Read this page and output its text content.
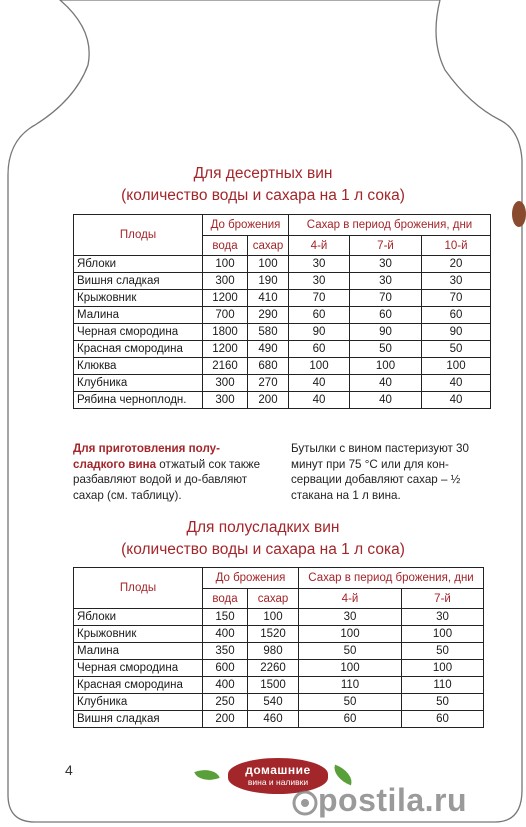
Для десертных вин
(количество воды и сахара на 1 л сока)
Плоды	До брожения		Сахар в период брожения, дни		
	вода	сахар	4-й	7-й	10-й
Яблоки	100	100	30	30	20
Вишня сладкая	300	190	30	30	30
Крыжовник	1200	410	70	70	70
Малина	700	290	60	60	60
Черная смородина	1800	580	90	90	90
Красная смородина	1200	490	60	50	50
Клюква	2160	680	100	100	100
Клубника	300	270	40	40	40
Рябина черноплодн.	300	200	40	40	40
Для приготовления полу-сладкого вина отжатый сок также разбавляют водой и до-бавляют сахар (см. таблицу).
Бутылки с вином пастеризуют 30 минут при 75 °С или для кон-сервации добавляют сахар – ½ стакана на 1 л вина.
Для полусладких вин
(количество воды и сахара на 1 л сока)
Плоды	До брожения		Сахар в период брожения, дни	
	вода	сахар	4-й	7-й
Яблоки	150	100	30	30
Крыжовник	400	1520	100	100
Малина	350	980	50	50
Черная смородина	600	2260	100	100
Красная смородина	400	1500	110	110
Клубника	250	540	50	50
Вишня сладкая	200	460	60	60
4	домашние
вина и наливки postila.ru
